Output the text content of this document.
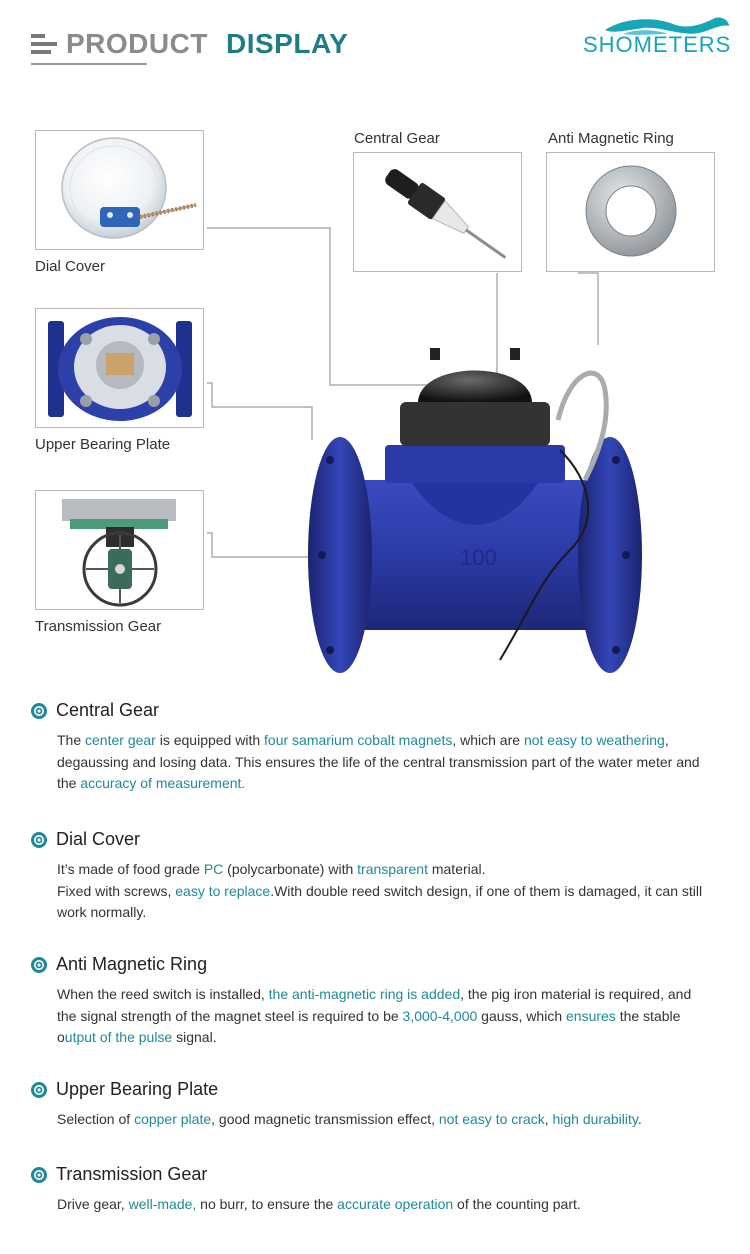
PRODUCT DISPLAY	SHOMETERS
Dial Cover
Upper Bearing Plate
Transmission Gear
Central Gear	Anti Magnetic Ring
100
Central Gear
The center gear is equipped with four samarium cobalt magnets, which are not easy to weathering, degaussing and losing data. This ensures the life of the central transmission part of the water meter and the accuracy of measurement.
Dial Cover
It’s made of food grade PC (polycarbonate) with transparent material.
Fixed with screws, easy to replace.With double reed switch design, if one of them is damaged, it can still work normally.
Anti Magnetic Ring
When the reed switch is installed, the anti-magnetic ring is added, the pig iron material is required, and the signal strength of the magnet steel is required to be 3,000-4,000 gauss, which ensures the stable output of the pulse signal.
Upper Bearing Plate
Selection of copper plate, good magnetic transmission effect, not easy to crack, high durability.
Transmission Gear
Drive gear, well-made, no burr, to ensure the accurate operation of the counting part.
